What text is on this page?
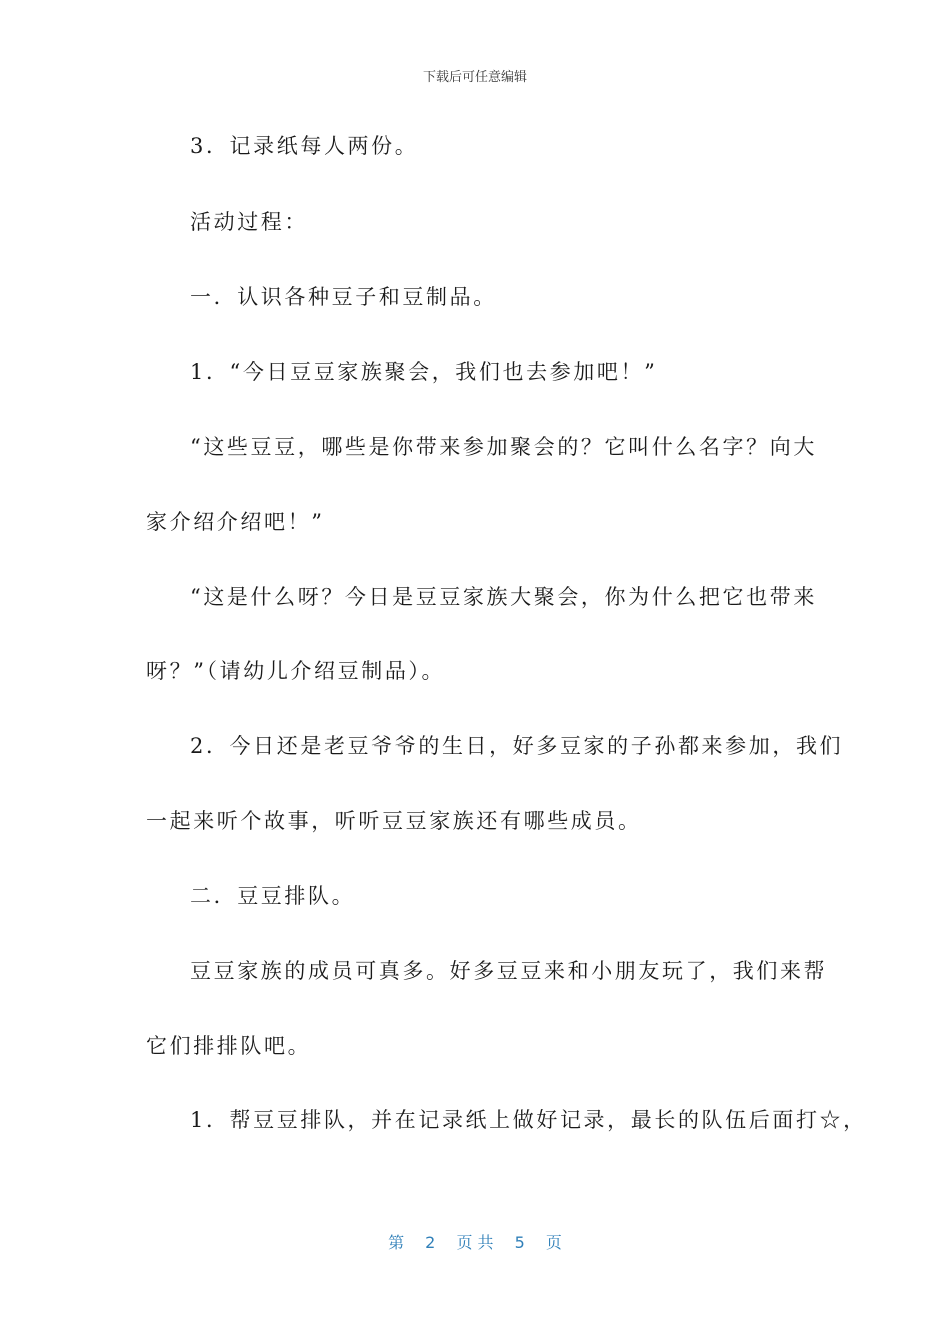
下载后可任意编辑
3．记录纸每人两份。
活动过程：
一．认识各种豆子和豆制品。
1．“今日豆豆家族聚会，我们也去参加吧！”
“这些豆豆，哪些是你带来参加聚会的？它叫什么名字？向大
家介绍介绍吧！”
“这是什么呀？今日是豆豆家族大聚会，你为什么把它也带来
呀？”（请幼儿介绍豆制品）。
2．今日还是老豆爷爷的生日，好多豆家的子孙都来参加，我们
一起来听个故事，听听豆豆家族还有哪些成员。
二．豆豆排队。
豆豆家族的成员可真多。好多豆豆来和小朋友玩了，我们来帮
它们排排队吧。
1．帮豆豆排队，并在记录纸上做好记录，最长的队伍后面打☆，
第 2 页 共 5 页
